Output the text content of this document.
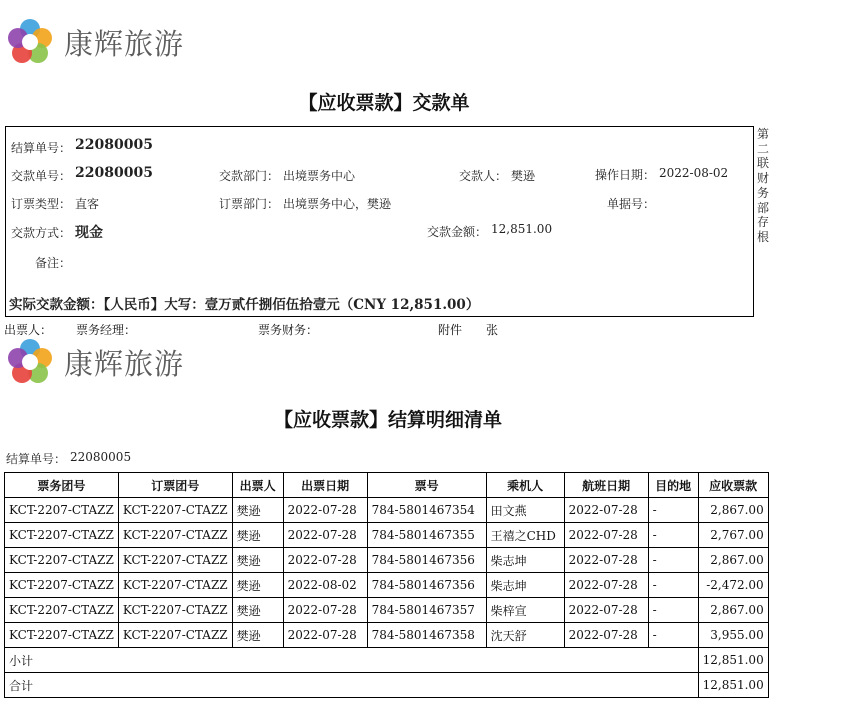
康辉旅游
【应收票款】交款单
结算单号： 22080005
交款单号： 22080005	交款部门： 出境票务中心	交款人： 樊逊	操作日期： 2022-08-02
订票类型： 直客	订票部门： 出境票务中心，樊逊	单据号：
交款方式： 现金	交款金额： 12,851.00
备注：
实际交款金额：【人民币】大写：壹万贰仟捌佰伍拾壹元（CNY 12,851.00）
第二联财务部存根
出票人： 票务经理：	票务财务：	附件 张
康辉旅游
【应收票款】结算明细清单
结算单号： 22080005
票务团号	订票团号	出票人	出票日期	票号	乘机人	航班日期	目的地	应收票款
KCT-2207-CTAZZ	KCT-2207-CTAZZ	樊逊	2022-07-28	784-5801467354	田文燕	2022-07-28	-	2,867.00
KCT-2207-CTAZZ	KCT-2207-CTAZZ	樊逊	2022-07-28	784-5801467355	王禧之CHD	2022-07-28	-	2,767.00
KCT-2207-CTAZZ	KCT-2207-CTAZZ	樊逊	2022-07-28	784-5801467356	柴志坤	2022-07-28	-	2,867.00
KCT-2207-CTAZZ	KCT-2207-CTAZZ	樊逊	2022-08-02	784-5801467356	柴志坤	2022-07-28	-	-2,472.00
KCT-2207-CTAZZ	KCT-2207-CTAZZ	樊逊	2022-07-28	784-5801467357	柴梓宣	2022-07-28	-	2,867.00
KCT-2207-CTAZZ	KCT-2207-CTAZZ	樊逊	2022-07-28	784-5801467358	沈天舒	2022-07-28	-	3,955.00
小计								12,851.00
合计								12,851.00
